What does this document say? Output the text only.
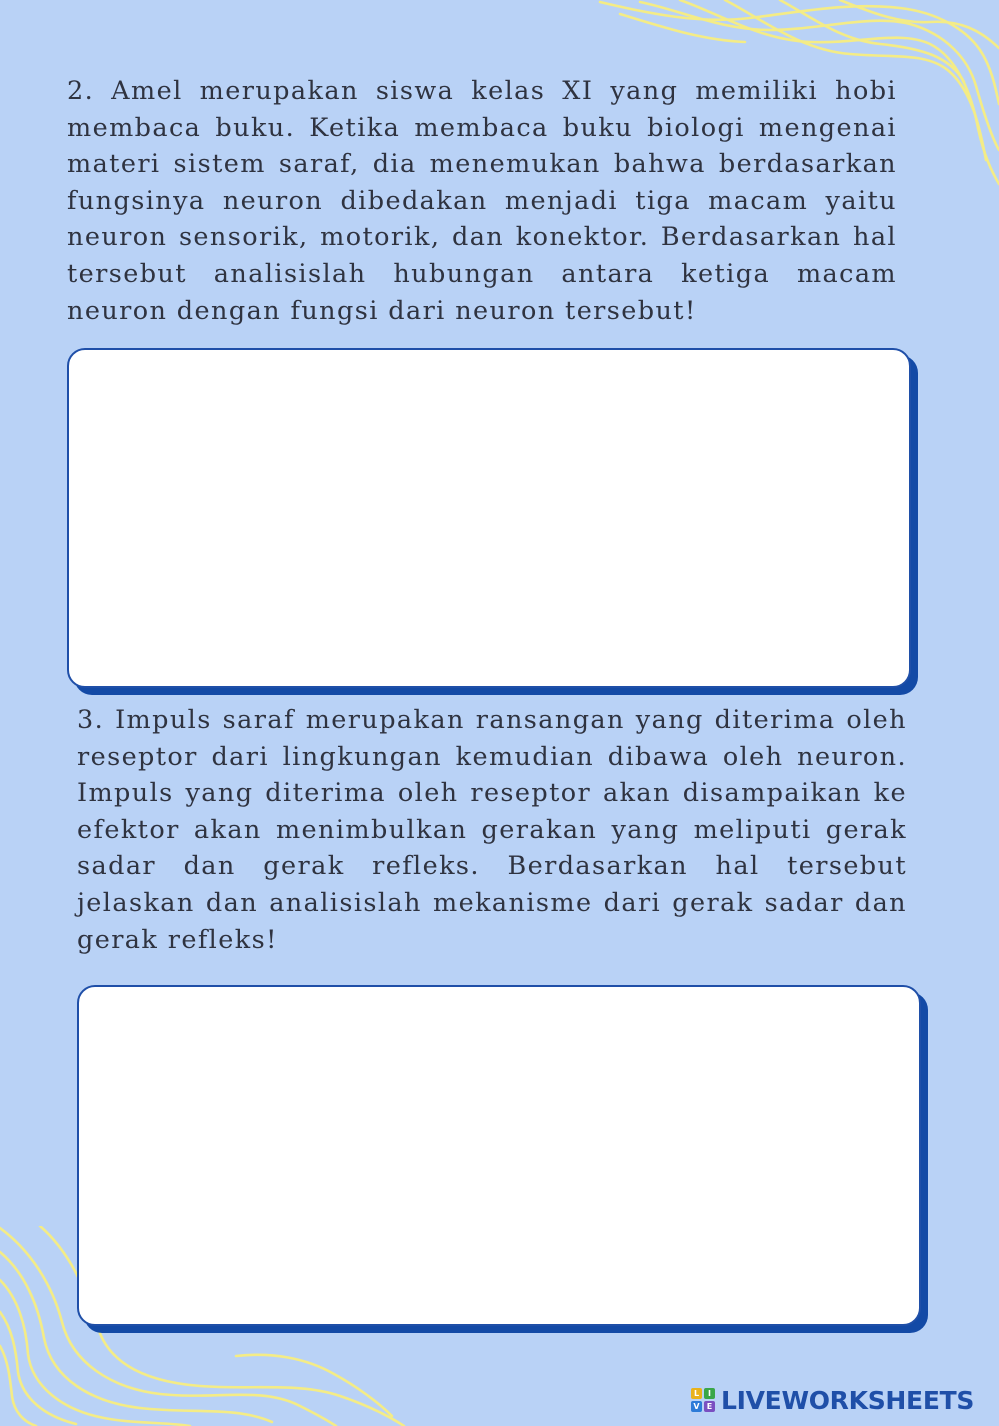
2. Amel merupakan siswa kelas XI yang memiliki hobi membaca buku. Ketika membaca buku biologi mengenai materi sistem saraf, dia menemukan bahwa berdasarkan fungsinya neuron dibedakan menjadi tiga macam yaitu neuron sensorik, motorik, dan konektor. Berdasarkan hal tersebut analisislah hubungan antara ketiga macam neuron dengan fungsi dari neuron tersebut!

3. Impuls saraf merupakan ransangan yang diterima oleh reseptor dari lingkungan kemudian dibawa oleh neuron. Impuls yang diterima oleh reseptor akan disampaikan ke efektor akan menimbulkan gerakan yang meliputi gerak sadar dan gerak refleks. Berdasarkan hal tersebut jelaskan dan analisislah mekanisme dari gerak sadar dan gerak refleks!

L	I
V E LIVEWORKSHEETS
